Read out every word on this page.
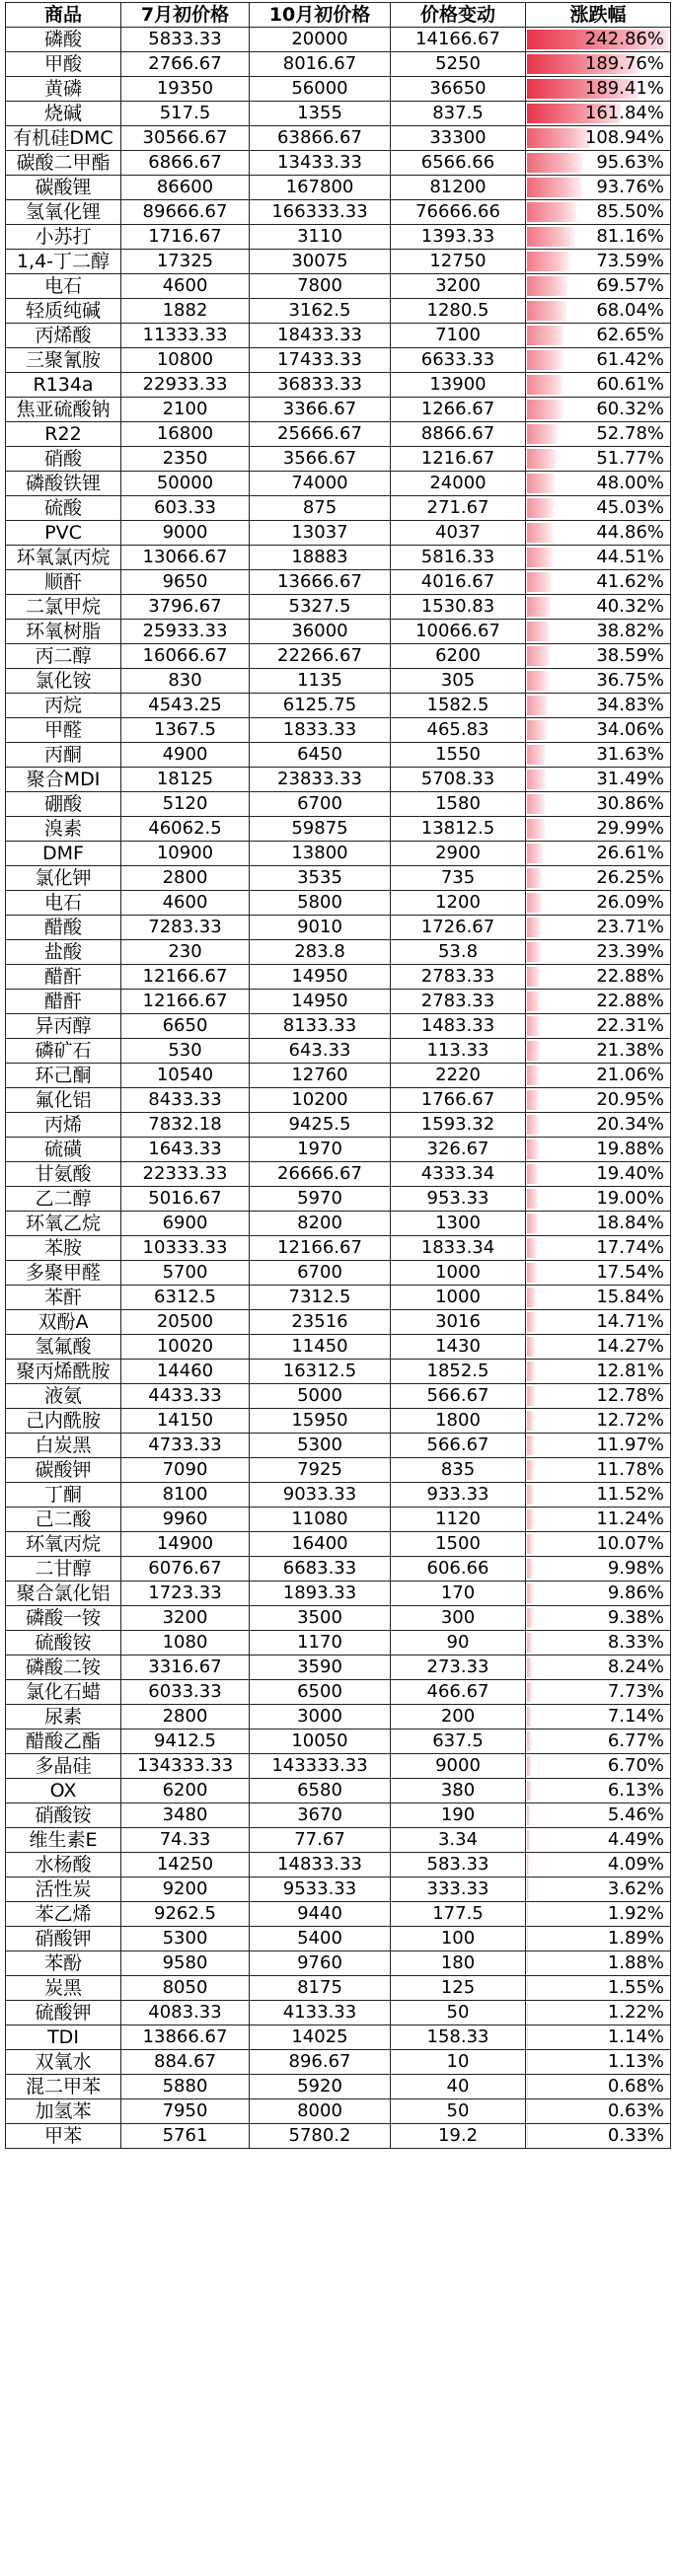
商品	7月初价格	10月初价格	价格变动	涨跌幅
磷酸	5833.33	20000	14166.67	242.86%
甲酸	2766.67	8016.67	5250	189.76%
黄磷	19350	56000	36650	189.41%
烧碱	517.5	1355	837.5	161.84%
有机硅DMC	30566.67	63866.67	33300	108.94%
碳酸二甲酯	6866.67	13433.33	6566.66	95.63%
碳酸锂	86600	167800	81200	93.76%
氢氧化锂	89666.67	166333.33	76666.66	85.50%
小苏打	1716.67	3110	1393.33	81.16%
1,4-丁二醇	17325	30075	12750	73.59%
电石	4600	7800	3200	69.57%
轻质纯碱	1882	3162.5	1280.5	68.04%
丙烯酸	11333.33	18433.33	7100	62.65%
三聚氰胺	10800	17433.33	6633.33	61.42%
R134a	22933.33	36833.33	13900	60.61%
焦亚硫酸钠	2100	3366.67	1266.67	60.32%
R22	16800	25666.67	8866.67	52.78%
硝酸	2350	3566.67	1216.67	51.77%
磷酸铁锂	50000	74000	24000	48.00%
硫酸	603.33	875	271.67	45.03%
PVC	9000	13037	4037	44.86%
环氧氯丙烷	13066.67	18883	5816.33	44.51%
顺酐	9650	13666.67	4016.67	41.62%
二氯甲烷	3796.67	5327.5	1530.83	40.32%
环氧树脂	25933.33	36000	10066.67	38.82%
丙二醇	16066.67	22266.67	6200	38.59%
氯化铵	830	1135	305	36.75%
丙烷	4543.25	6125.75	1582.5	34.83%
甲醛	1367.5	1833.33	465.83	34.06%
丙酮	4900	6450	1550	31.63%
聚合MDI	18125	23833.33	5708.33	31.49%
硼酸	5120	6700	1580	30.86%
溴素	46062.5	59875	13812.5	29.99%
DMF	10900	13800	2900	26.61%
氯化钾	2800	3535	735	26.25%
电石	4600	5800	1200	26.09%
醋酸	7283.33	9010	1726.67	23.71%
盐酸	230	283.8	53.8	23.39%
醋酐	12166.67	14950	2783.33	22.88%
醋酐	12166.67	14950	2783.33	22.88%
异丙醇	6650	8133.33	1483.33	22.31%
磷矿石	530	643.33	113.33	21.38%
环己酮	10540	12760	2220	21.06%
氟化铝	8433.33	10200	1766.67	20.95%
丙烯	7832.18	9425.5	1593.32	20.34%
硫磺	1643.33	1970	326.67	19.88%
甘氨酸	22333.33	26666.67	4333.34	19.40%
乙二醇	5016.67	5970	953.33	19.00%
环氧乙烷	6900	8200	1300	18.84%
苯胺	10333.33	12166.67	1833.34	17.74%
多聚甲醛	5700	6700	1000	17.54%
苯酐	6312.5	7312.5	1000	15.84%
双酚A	20500	23516	3016	14.71%
氢氟酸	10020	11450	1430	14.27%
聚丙烯酰胺	14460	16312.5	1852.5	12.81%
液氨	4433.33	5000	566.67	12.78%
己内酰胺	14150	15950	1800	12.72%
白炭黑	4733.33	5300	566.67	11.97%
碳酸钾	7090	7925	835	11.78%
丁酮	8100	9033.33	933.33	11.52%
己二酸	9960	11080	1120	11.24%
环氧丙烷	14900	16400	1500	10.07%
二甘醇	6076.67	6683.33	606.66	9.98%
聚合氯化铝	1723.33	1893.33	170	9.86%
磷酸一铵	3200	3500	300	9.38%
硫酸铵	1080	1170	90	8.33%
磷酸二铵	3316.67	3590	273.33	8.24%
氯化石蜡	6033.33	6500	466.67	7.73%
尿素	2800	3000	200	7.14%
醋酸乙酯	9412.5	10050	637.5	6.77%
多晶硅	134333.33	143333.33	9000	6.70%
OX	6200	6580	380	6.13%
硝酸铵	3480	3670	190	5.46%
维生素E	74.33	77.67	3.34	4.49%
水杨酸	14250	14833.33	583.33	4.09%
活性炭	9200	9533.33	333.33	3.62%
苯乙烯	9262.5	9440	177.5	1.92%
硝酸钾	5300	5400	100	1.89%
苯酚	9580	9760	180	1.88%
炭黑	8050	8175	125	1.55%
硫酸钾	4083.33	4133.33	50	1.22%
TDI	13866.67	14025	158.33	1.14%
双氧水	884.67	896.67	10	1.13%
混二甲苯	5880	5920	40	0.68%
加氢苯	7950	8000	50	0.63%
甲苯	5761	5780.2	19.2	0.33%
